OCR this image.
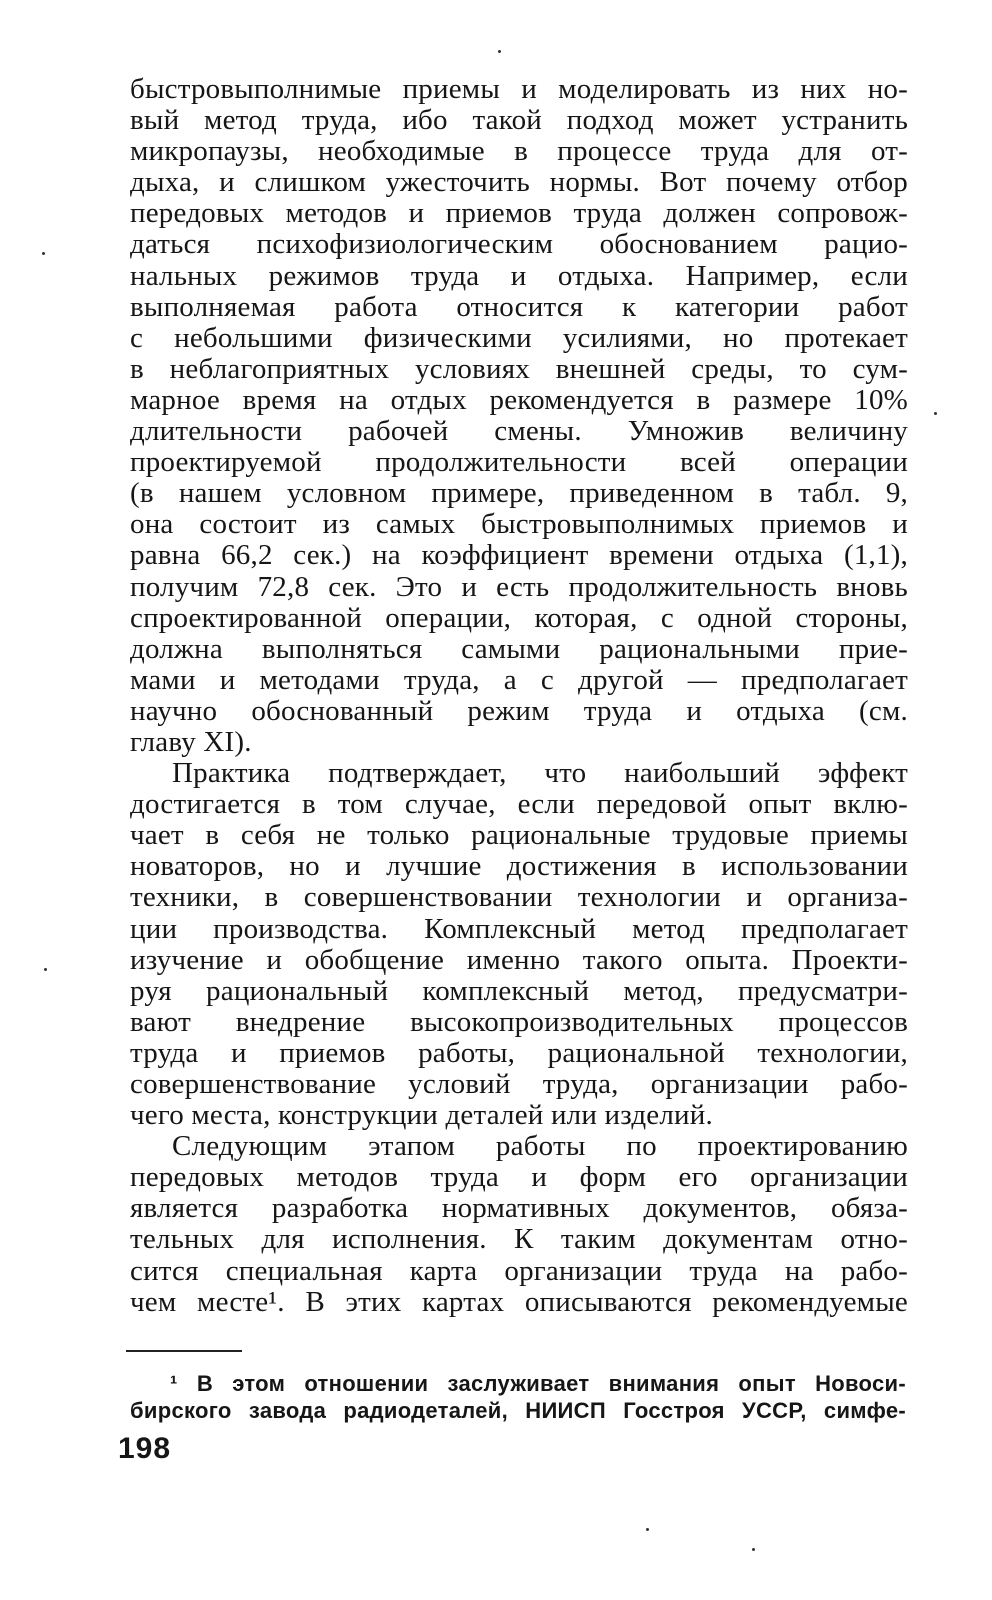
быстровыполнимые приемы и моделировать из них но-
вый метод труда, ибо такой подход может устранить
микропаузы, необходимые в процессе труда для от-
дыха, и слишком ужесточить нормы. Вот почему отбор
передовых методов и приемов труда должен сопровож-
даться психофизиологическим обоснованием рацио-
нальных режимов труда и отдыха. Например, если
выполняемая работа относится к категории работ
с небольшими физическими усилиями, но протекает
в неблагоприятных условиях внешней среды, то сум-
марное время на отдых рекомендуется в размере 10%
длительности рабочей смены. Умножив величину
проектируемой продолжительности всей операции
(в нашем условном примере, приведенном в табл. 9,
она состоит из самых быстровыполнимых приемов и
равна 66,2 сек.) на коэффициент времени отдыха (1,1),
получим 72,8 сек. Это и есть продолжительность вновь
спроектированной операции, которая, с одной стороны,
должна выполняться самыми рациональными прие-
мами и методами труда, а с другой — предполагает
научно обоснованный режим труда и отдыха (см.
главу XI).
Практика подтверждает, что наибольший эффект
достигается в том случае, если передовой опыт вклю-
чает в себя не только рациональные трудовые приемы
новаторов, но и лучшие достижения в использовании
техники, в совершенствовании технологии и организа-
ции производства. Комплексный метод предполагает
изучение и обобщение именно такого опыта. Проекти-
руя рациональный комплексный метод, предусматри-
вают внедрение высокопроизводительных процессов
труда и приемов работы, рациональной технологии,
совершенствование условий труда, организации рабо-
чего места, конструкции деталей или изделий.
Следующим этапом работы по проектированию
передовых методов труда и форм его организации
является разработка нормативных документов, обяза-
тельных для исполнения. К таким документам отно-
сится специальная карта организации труда на рабо-
чем месте¹. В этих картах описываются рекомендуемые
¹ В этом отношении заслуживает внимания опыт Новоси-
бирского завода радиодеталей, НИИСП Госстроя УССР, симфе-
198
